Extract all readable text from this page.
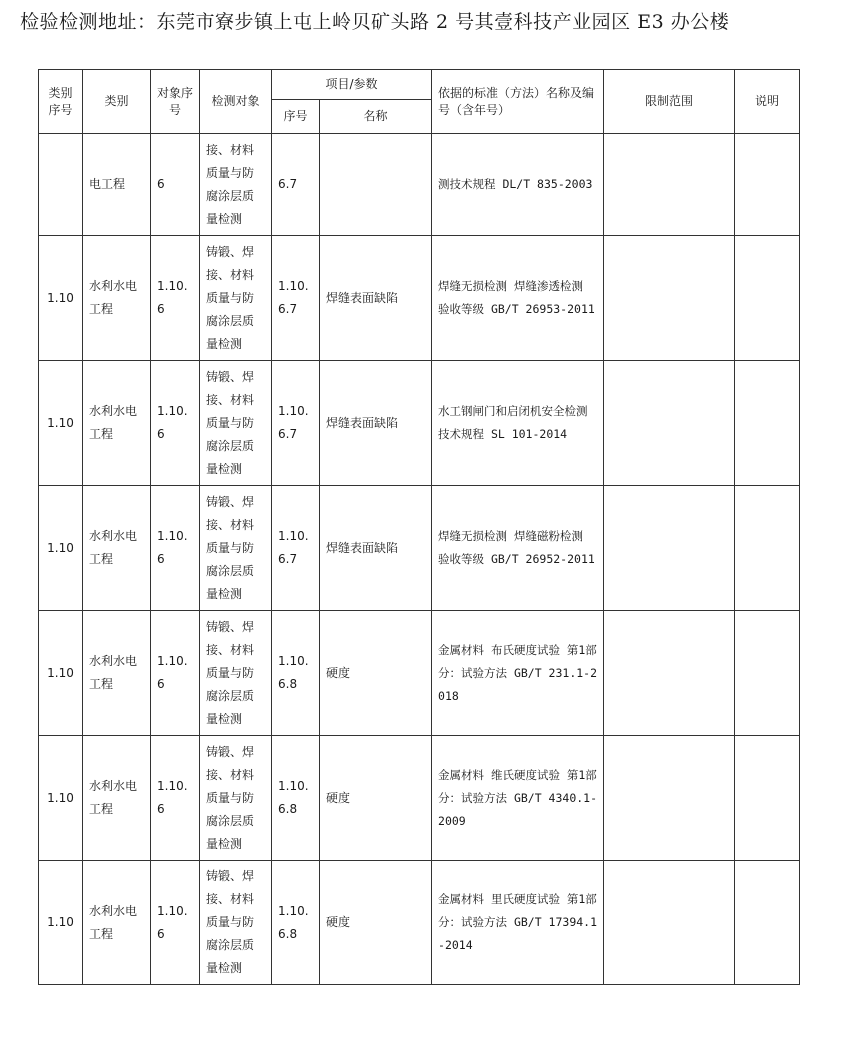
检验检测地址：东莞市寮步镇上屯上岭贝矿头路 2 号其壹科技产业园区 E3 办公楼
类别序号	类别	对象序号	检测对象	项目/参数		依据的标准（方法）名称及编号（含年号）	限制范围	说明
				序号	名称			
	电工程	6	接、材料质量与防腐涂层质量检测	6.7		测技术规程 DL/T 835-2003		
1.10	水利水电工程	1.10.6	铸锻、焊接、材料质量与防腐涂层质量检测	1.10.6.7	焊缝表面缺陷	焊缝无损检测 焊缝渗透检测 验收等级 GB/T 26953-2011		
1.10	水利水电工程	1.10.6	铸锻、焊接、材料质量与防腐涂层质量检测	1.10.6.7	焊缝表面缺陷	水工钢闸门和启闭机安全检测技术规程 SL 101-2014		
1.10	水利水电工程	1.10.6	铸锻、焊接、材料质量与防腐涂层质量检测	1.10.6.7	焊缝表面缺陷	焊缝无损检测 焊缝磁粉检测 验收等级 GB/T 26952-2011		
1.10	水利水电工程	1.10.6	铸锻、焊接、材料质量与防腐涂层质量检测	1.10.6.8	硬度	金属材料 布氏硬度试验 第1部分：试验方法 GB/T 231.1-2018		
1.10	水利水电工程	1.10.6	铸锻、焊接、材料质量与防腐涂层质量检测	1.10.6.8	硬度	金属材料 维氏硬度试验 第1部分：试验方法 GB/T 4340.1-2009		
1.10	水利水电工程	1.10.6	铸锻、焊接、材料质量与防腐涂层质量检测	1.10.6.8	硬度	金属材料 里氏硬度试验 第1部分：试验方法 GB/T 17394.1-2014		
